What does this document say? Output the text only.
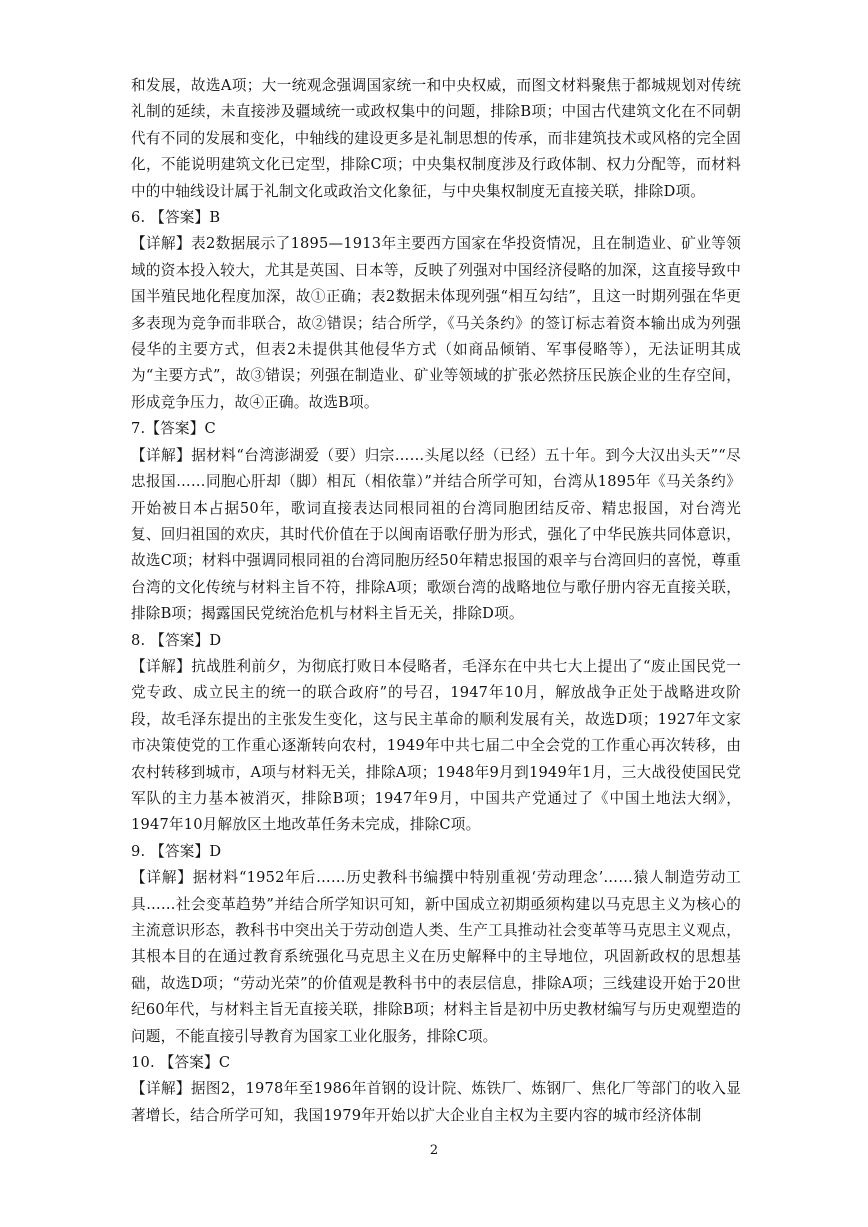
和发展，故选A项；大一统观念强调国家统一和中央权威，而图文材料聚焦于都城规划对传统礼制的延续，未直接涉及疆域统一或政权集中的问题，排除B项；中国古代建筑文化在不同朝代有不同的发展和变化，中轴线的建设更多是礼制思想的传承，而非建筑技术或风格的完全固化，不能说明建筑文化已定型，排除C项；中央集权制度涉及行政体制、权力分配等，而材料中的中轴线设计属于礼制文化或政治文化象征，与中央集权制度无直接关联，排除D项。

6. 【答案】B

【详解】表2数据展示了1895—1913年主要西方国家在华投资情况，且在制造业、矿业等领域的资本投入较大，尤其是英国、日本等，反映了列强对中国经济侵略的加深，这直接导致中国半殖民地化程度加深，故①正确；表2数据未体现列强“相互勾结”，且这一时期列强在华更多表现为竞争而非联合，故②错误；结合所学，《马关条约》的签订标志着资本输出成为列强侵华的主要方式，但表2未提供其他侵华方式（如商品倾销、军事侵略等），无法证明其成为“主要方式”，故③错误；列强在制造业、矿业等领域的扩张必然挤压民族企业的生存空间，形成竞争压力，故④正确。故选B项。

7.【答案】C

【详解】据材料“台湾澎湖爱（要）归宗……头尾以经（已经）五十年。到今大汉出头天”“尽忠报国……同胞心肝却（脚）相瓦（相依靠）”并结合所学可知，台湾从1895年《马关条约》开始被日本占据50年，歌词直接表达同根同祖的台湾同胞团结反帝、精忠报国，对台湾光复、回归祖国的欢庆，其时代价值在于以闽南语歌仔册为形式，强化了中华民族共同体意识，故选C项；材料中强调同根同祖的台湾同胞历经50年精忠报国的艰辛与台湾回归的喜悦，尊重台湾的文化传统与材料主旨不符，排除A项；歌颂台湾的战略地位与歌仔册内容无直接关联，排除B项；揭露国民党统治危机与材料主旨无关，排除D项。

8. 【答案】D

【详解】抗战胜利前夕，为彻底打败日本侵略者，毛泽东在中共七大上提出了“废止国民党一党专政、成立民主的统一的联合政府”的号召，1947年10月，解放战争正处于战略进攻阶段，故毛泽东提出的主张发生变化，这与民主革命的顺利发展有关，故选D项；1927年文家市决策使党的工作重心逐渐转向农村，1949年中共七届二中全会党的工作重心再次转移，由农村转移到城市，A项与材料无关，排除A项；1948年9月到1949年1月，三大战役使国民党军队的主力基本被消灭，排除B项；1947年9月，中国共产党通过了《中国土地法大纲》，1947年10月解放区土地改革任务未完成，排除C项。

9. 【答案】D

【详解】据材料“1952年后……历史教科书编撰中特别重视‘劳动理念’……猿人制造劳动工具……社会变革趋势”并结合所学知识可知，新中国成立初期亟须构建以马克思主义为核心的主流意识形态，教科书中突出关于劳动创造人类、生产工具推动社会变革等马克思主义观点，其根本目的在通过教育系统强化马克思主义在历史解释中的主导地位，巩固新政权的思想基础，故选D项；“劳动光荣”的价值观是教科书中的表层信息，排除A项；三线建设开始于20世纪60年代，与材料主旨无直接关联，排除B项；材料主旨是初中历史教材编写与历史观塑造的问题，不能直接引导教育为国家工业化服务，排除C项。

10. 【答案】C

【详解】据图2，1978年至1986年首钢的设计院、炼铁厂、炼钢厂、焦化厂等部门的收入显著增长，结合所学可知，我国1979年开始以扩大企业自主权为主要内容的城市经济体制

2
